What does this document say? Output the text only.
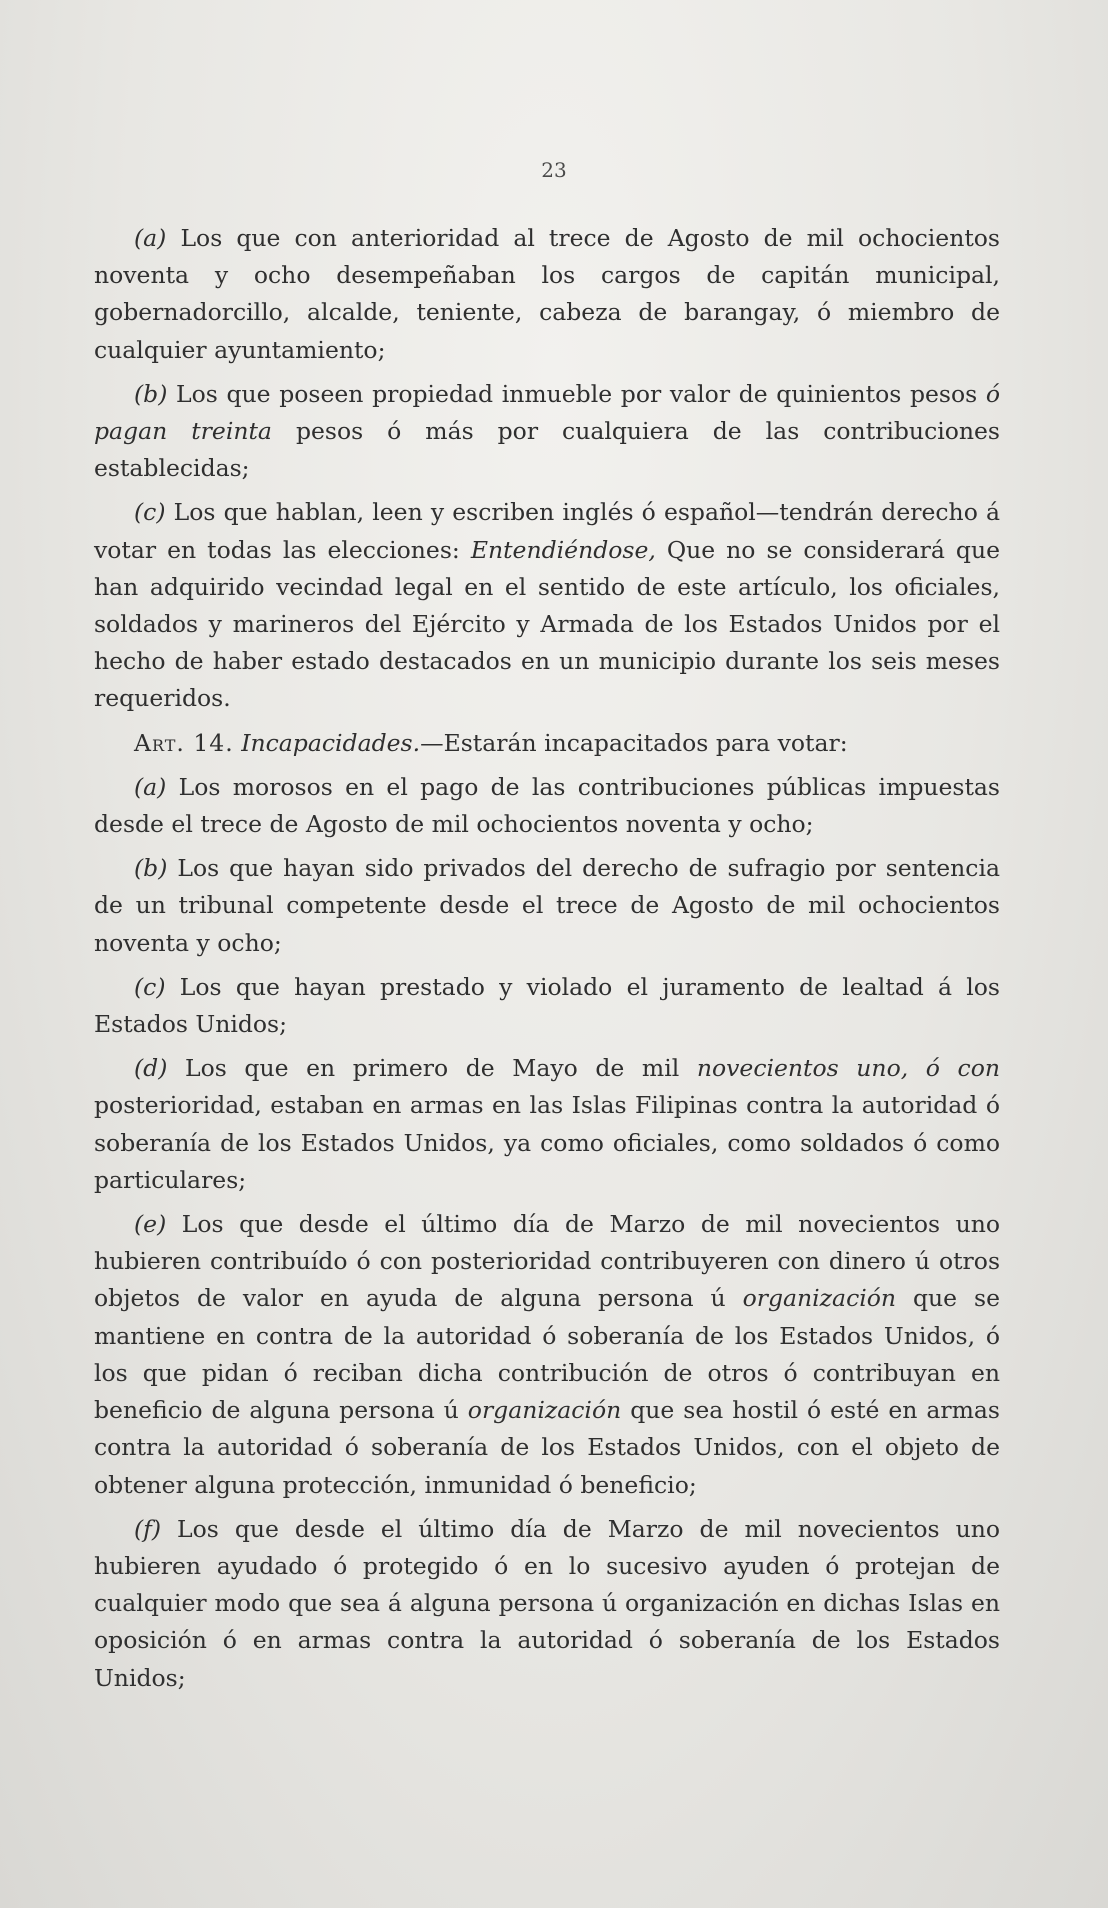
23

(a) Los que con anterioridad al trece de Agosto de mil ochocientos noventa y ocho desempeñaban los cargos de capitán municipal, gobernadorcillo, alcalde, teniente, cabeza de barangay, ó miembro de cualquier ayuntamiento;

(b) Los que poseen propiedad inmueble por valor de quinientos pesos ó pagan treinta pesos ó más por cualquiera de las contribuciones establecidas;

(c) Los que hablan, leen y escriben inglés ó español—tendrán derecho á votar en todas las elecciones: Entendiéndose, Que no se considerará que han adquirido vecindad legal en el sentido de este artículo, los oficiales, soldados y marineros del Ejército y Armada de los Estados Unidos por el hecho de haber estado destacados en un municipio durante los seis meses requeridos.

Art. 14. Incapacidades.—Estarán incapacitados para votar:

(a) Los morosos en el pago de las contribuciones públicas impuestas desde el trece de Agosto de mil ochocientos noventa y ocho;

(b) Los que hayan sido privados del derecho de sufragio por sentencia de un tribunal competente desde el trece de Agosto de mil ochocientos noventa y ocho;

(c) Los que hayan prestado y violado el juramento de lealtad á los Estados Unidos;

(d) Los que en primero de Mayo de mil novecientos uno, ó con posterioridad, estaban en armas en las Islas Filipinas contra la autoridad ó soberanía de los Estados Unidos, ya como oficiales, como soldados ó como particulares;

(e) Los que desde el último día de Marzo de mil novecientos uno hubieren contribuído ó con posterioridad contribuyeren con dinero ú otros objetos de valor en ayuda de alguna persona ú organización que se mantiene en contra de la autoridad ó soberanía de los Estados Unidos, ó los que pidan ó reciban dicha contribución de otros ó contribuyan en beneficio de alguna persona ú organización que sea hostil ó esté en armas contra la autoridad ó soberanía de los Estados Unidos, con el objeto de obtener alguna protección, inmunidad ó beneficio;

(f) Los que desde el último día de Marzo de mil novecientos uno hubieren ayudado ó protegido ó en lo sucesivo ayuden ó protejan de cualquier modo que sea á alguna persona ú organización en dichas Islas en oposición ó en armas contra la autoridad ó soberanía de los Estados Unidos;
